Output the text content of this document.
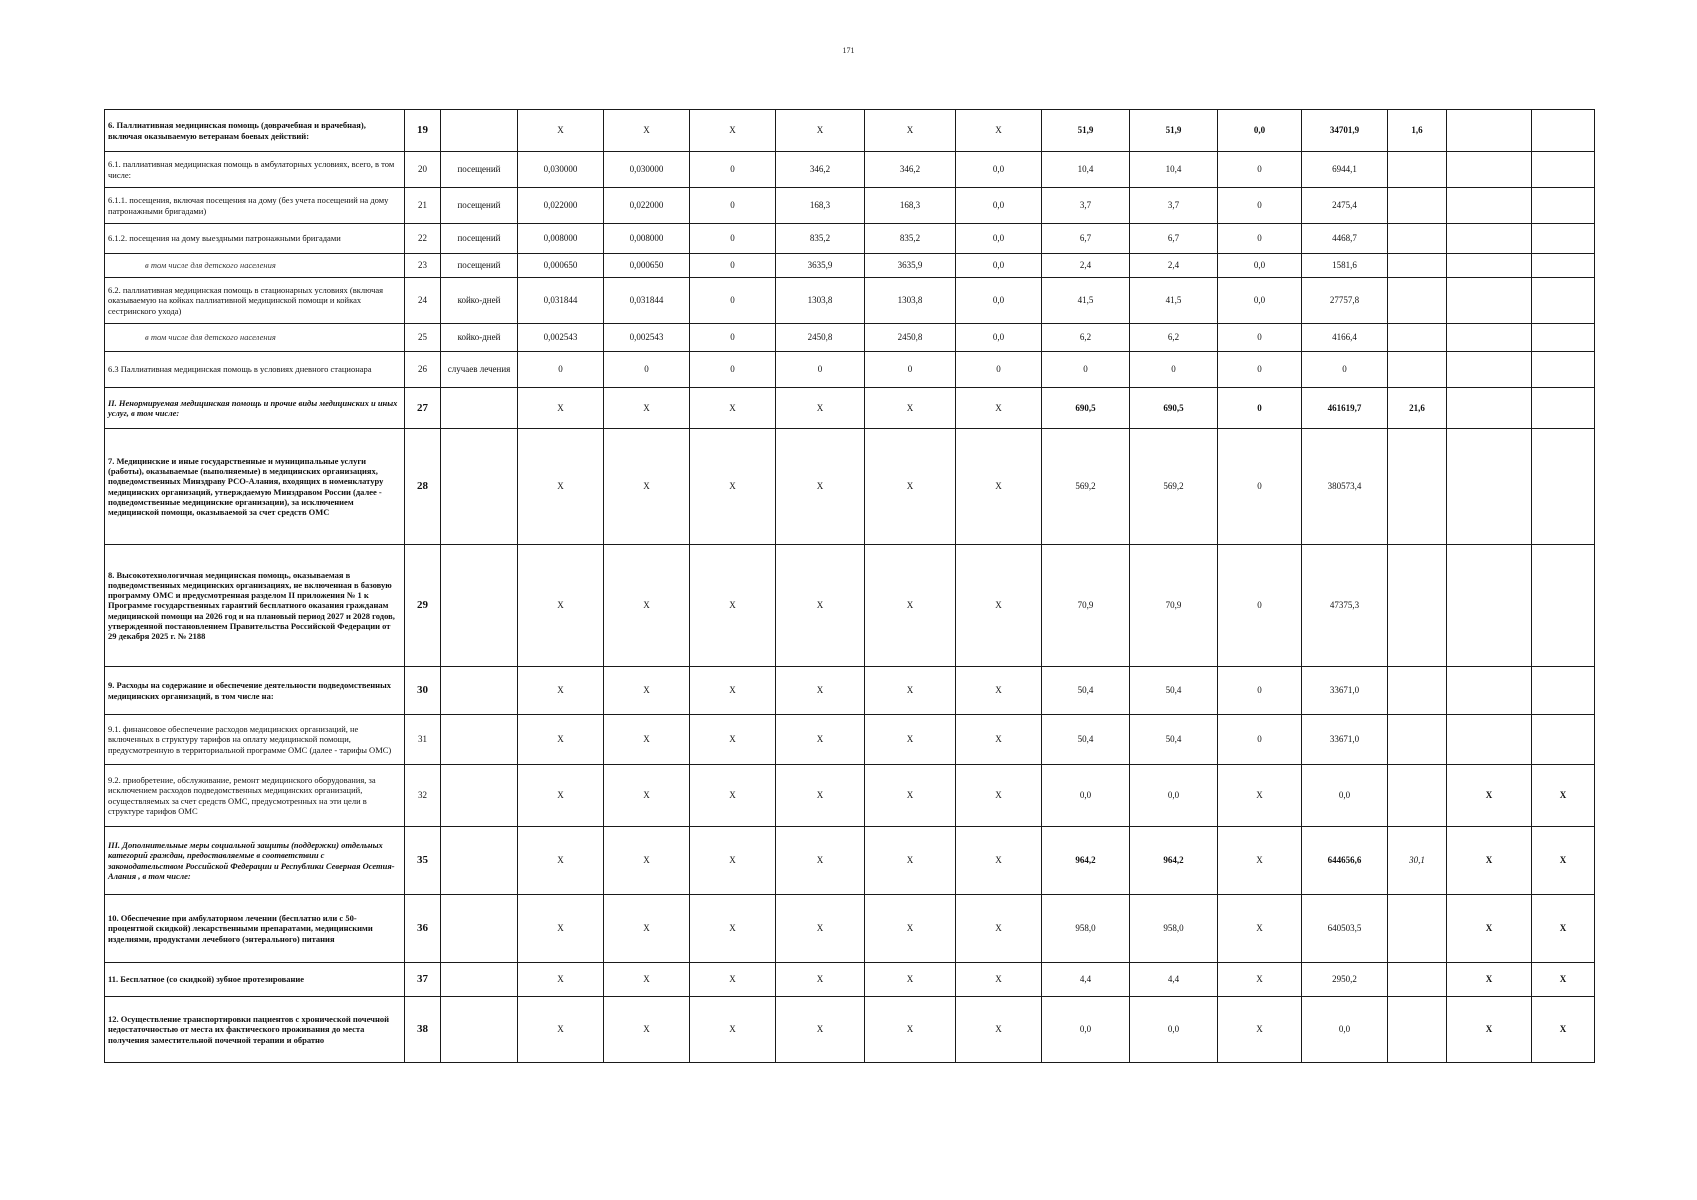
171
6. Паллиативная медицинская помощь (доврачебная и врачебная), включая оказываемую ветеранам боевых действий:	19		X	X	X	X	X	X	51,9	51,9	0,0	34701,9	1,6		
6.1. паллиативная медицинская помощь в амбулаторных условиях, всего, в том числе:	20	посещений	0,030000	0,030000	0	346,2	346,2	0,0	10,4	10,4	0	6944,1			
6.1.1. посещения, включая посещения на дому (без учета посещений на дому патронажными бригадами)	21	посещений	0,022000	0,022000	0	168,3	168,3	0,0	3,7	3,7	0	2475,4			
6.1.2. посещения на дому выездными патронажными бригадами	22	посещений	0,008000	0,008000	0	835,2	835,2	0,0	6,7	6,7	0	4468,7			
в том числе для детского населения	23	посещений	0,000650	0,000650	0	3635,9	3635,9	0,0	2,4	2,4	0,0	1581,6			
6.2. паллиативная медицинская помощь в стационарных условиях (включая оказываемую на койках паллиативной медицинской помощи и койках сестринского ухода)	24	койко-дней	0,031844	0,031844	0	1303,8	1303,8	0,0	41,5	41,5	0,0	27757,8			
в том числе для детского населения	25	койко-дней	0,002543	0,002543	0	2450,8	2450,8	0,0	6,2	6,2	0	4166,4			
6.3 Паллиативная медицинская помощь в условиях дневного стационара	26	случаев лечения	0	0	0	0	0	0	0	0	0	0			
II. Ненормируемая медицинская помощь и прочие виды медицинских и иных услуг, в том числе:	27		X	X	X	X	X	X	690,5	690,5	0	461619,7	21,6		
7. Медицинские и иные государственные и муниципальные услуги (работы), оказываемые (выполняемые) в медицинских организациях, подведомственных Минздраву РСО-Алания, входящих в номенклатуру медицинских организаций, утверждаемую Минздравом России (далее - подведомственные медицинские организации), за исключением медицинской помощи, оказываемой за счет средств ОМС	28		X	X	X	X	X	X	569,2	569,2	0	380573,4			
8. Высокотехнологичная медицинская помощь, оказываемая в подведомственных медицинских организациях, не включенная в базовую программу ОМС и предусмотренная разделом II приложения № 1 к Программе государственных гарантий бесплатного оказания гражданам медицинской помощи на 2026 год и на плановый период 2027 и 2028 годов, утвержденной постановлением Правительства Российской Федерации от 29 декабря 2025 г. № 2188	29		X	X	X	X	X	X	70,9	70,9	0	47375,3			
9. Расходы на содержание и обеспечение деятельности подведомственных медицинских организаций, в том числе на:	30		X	X	X	X	X	X	50,4	50,4	0	33671,0			
9.1. финансовое обеспечение расходов медицинских организаций, не включенных в структуру тарифов на оплату медицинской помощи, предусмотренную в территориальной программе ОМС (далее - тарифы ОМС)	31		X	X	X	X	X	X	50,4	50,4	0	33671,0			
9.2. приобретение, обслуживание, ремонт медицинского оборудования, за исключением расходов подведомственных медицинских организаций, осуществляемых за счет средств ОМС, предусмотренных на эти цели в структуре тарифов ОМС	32		X	X	X	X	X	X	0,0	0,0	X	0,0		X	X
III. Дополнительные меры социальной защиты (поддержки) отдельных категорий граждан, предоставляемые в соответствии с законодательством Российской Федерации и Республики Северная Осетия-Алания , в том числе:	35		X	X	X	X	X	X	964,2	964,2	X	644656,6	30,1	X	X
10. Обеспечение при амбулаторном лечении (бесплатно или с 50-процентной скидкой) лекарственными препаратами, медицинскими изделиями, продуктами лечебного (энтерального) питания	36		X	X	X	X	X	X	958,0	958,0	X	640503,5		X	X
11. Бесплатное (со скидкой) зубное протезирование	37		X	X	X	X	X	X	4,4	4,4	X	2950,2		X	X
12. Осуществление транспортировки пациентов с хронической почечной недостаточностью от места их фактического проживания до места получения заместительной почечной терапии и обратно	38		X	X	X	X	X	X	0,0	0,0	X	0,0		X	X
